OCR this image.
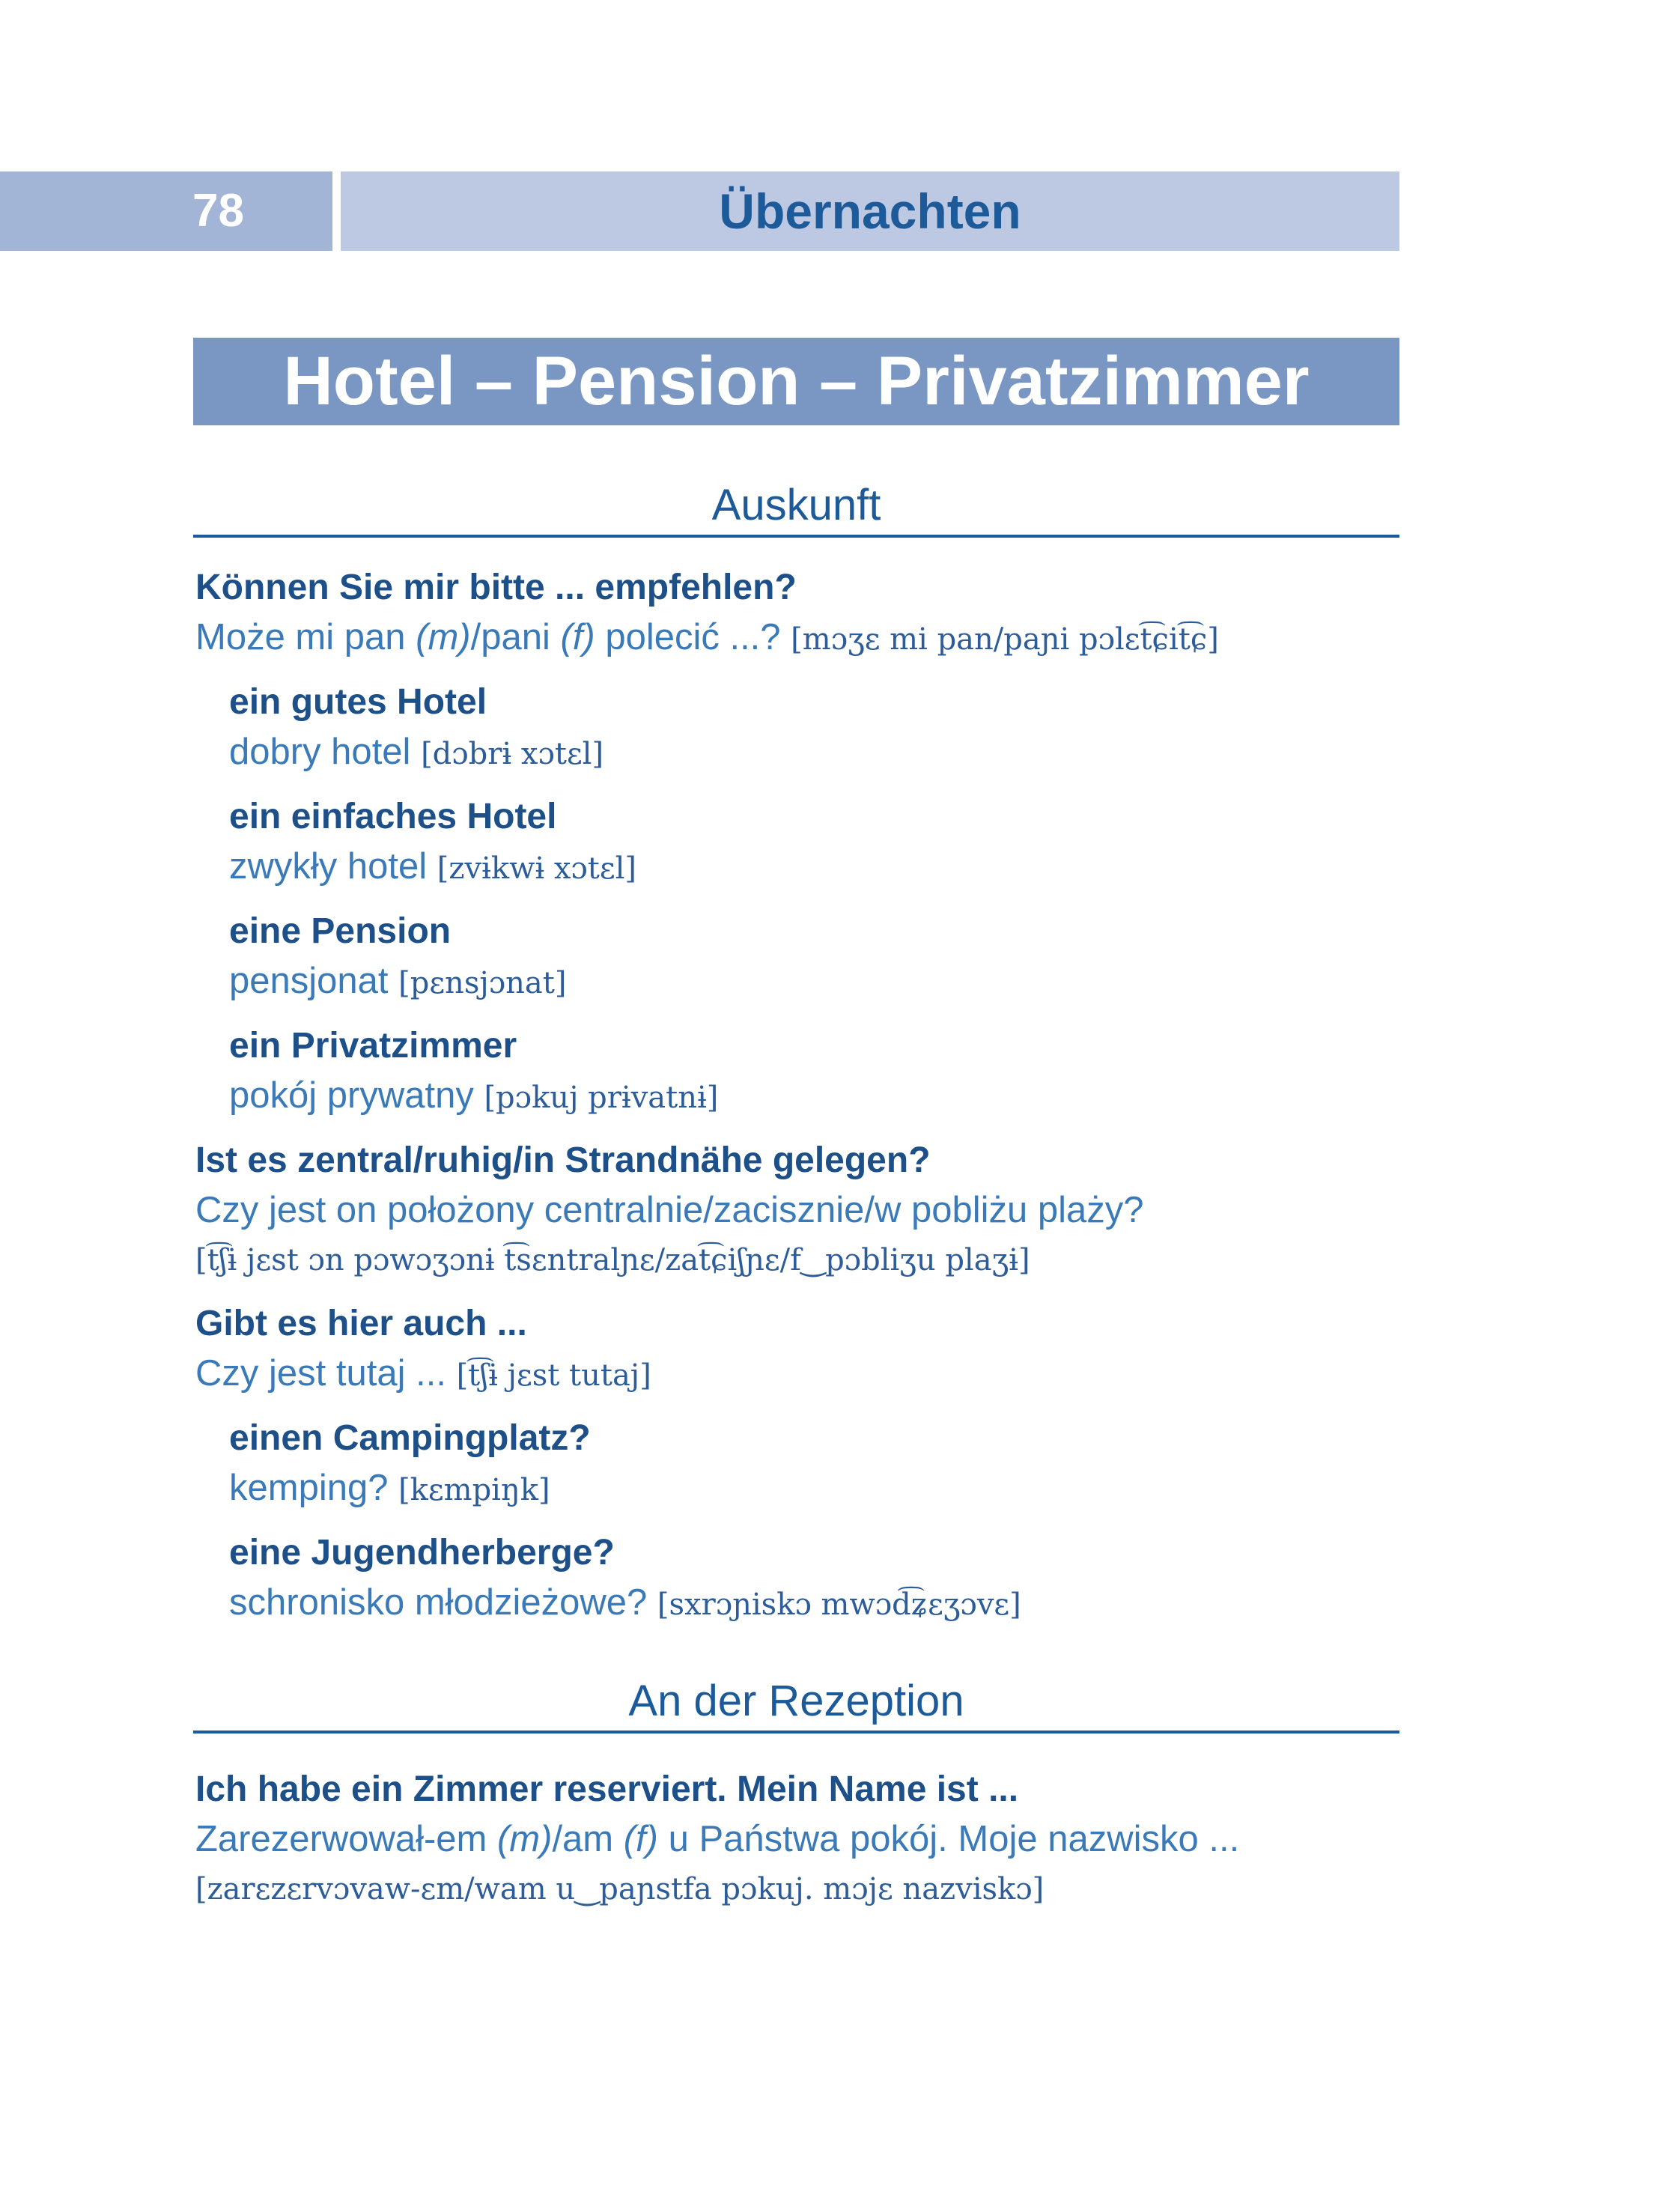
78	Übernachten
Hotel – Pension – Privatzimmer
Auskunft
Können Sie mir bitte ... empfehlen?
Może mi pan (m)/pani (f) polecić ...? [mɔʒɛ mi pan/paɲi pɔlɛt͡ɕit͡ɕ]
ein gutes Hotel
dobry hotel [dɔbrɨ xɔtɛl]
ein einfaches Hotel
zwykły hotel [zvɨkwɨ xɔtɛl]
eine Pension
pensjonat [pɛnsjɔnat]
ein Privatzimmer
pokój prywatny [pɔkuj prɨvatnɨ]
Ist es zentral/ruhig/in Strandnähe gelegen?
Czy jest on położony centralnie/zacisznie/w pobliżu plaży?
[t͡ʃɨ jɛst ɔn pɔwɔʒɔnɨ t͡sɛntralɲɛ/zat͡ɕiʃɲɛ/f‿pɔbliʒu plaʒɨ]
Gibt es hier auch ...
Czy jest tutaj ... [t͡ʃɨ jɛst tutaj]
einen Campingplatz?
kemping? [kɛmpiŋk]
eine Jugendherberge?
schronisko młodzieżowe? [sxrɔɲiskɔ mwɔd͡ʑɛʒɔvɛ]
An der Rezeption
Ich habe ein Zimmer reserviert. Mein Name ist ...
Zarezerwował-em (m)/am (f) u Państwa pokój. Moje nazwisko ...
[zarɛzɛrvɔvaw-ɛm/wam u‿paɲstfa pɔkuj. mɔjɛ nazviskɔ]
